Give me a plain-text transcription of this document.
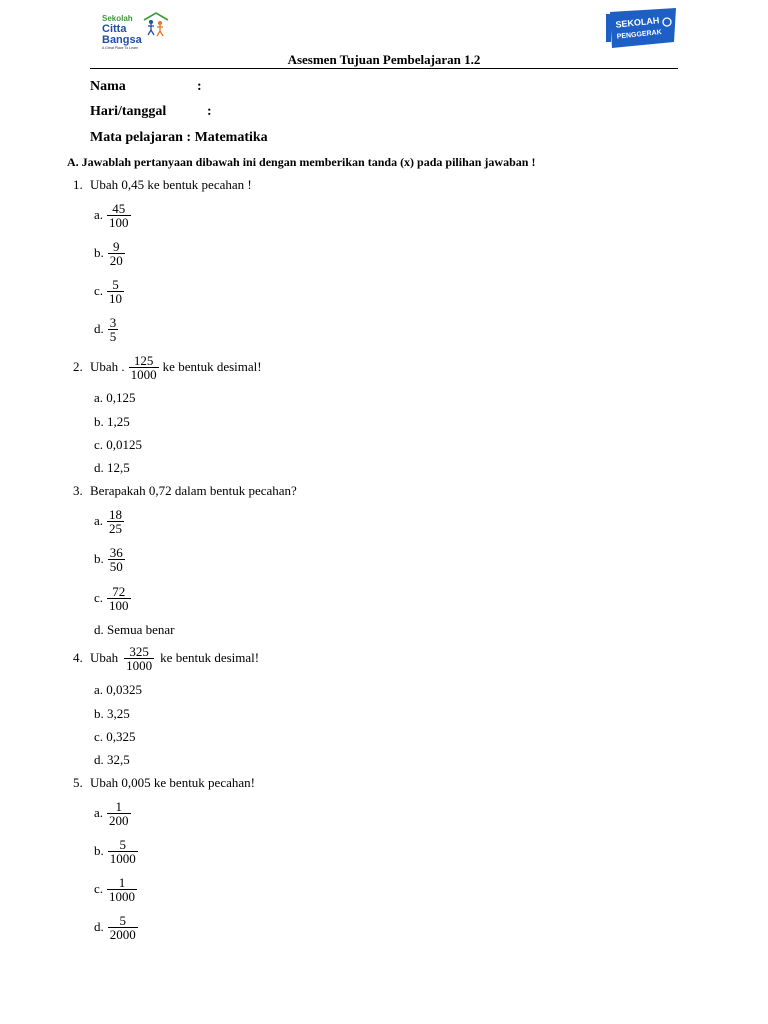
Sekolah
Citta
Bangsa
A Great Place To Learn
SEKOLAH
PENGGERAK
Asesmen Tujuan Pembelajaran 1.2
Nama	:
Hari/tanggal	:
Mata pelajaran : Matematika
A. Jawablah pertanyaan dibawah ini dengan memberikan tanda (x) pada pilihan jawaban !
1. Ubah 0,45 ke bentuk pecahan !
a. $\frac{45}{100}$
b. $\frac{9}{20}$
c. $\frac{5}{10}$
d. $\frac{3}{5}$
2. Ubah . $\frac{125}{1000}$ ke bentuk desimal!
a. 0,125
b. 1,25
c. 0,0125
d. 12,5
3. Berapakah 0,72 dalam bentuk pecahan?
a. $\frac{18}{25}$
b. $\frac{36}{50}$
c. $\frac{72}{100}$
d. Semua benar
4. Ubah $\frac{325}{1000}$ ke bentuk desimal!
a. 0,0325
b. 3,25
c. 0,325
d. 32,5
5. Ubah 0,005 ke bentuk pecahan!
a. $\frac{1}{200}$
b. $\frac{5}{1000}$
c. $\frac{1}{1000}$
d. $\frac{5}{2000}$
